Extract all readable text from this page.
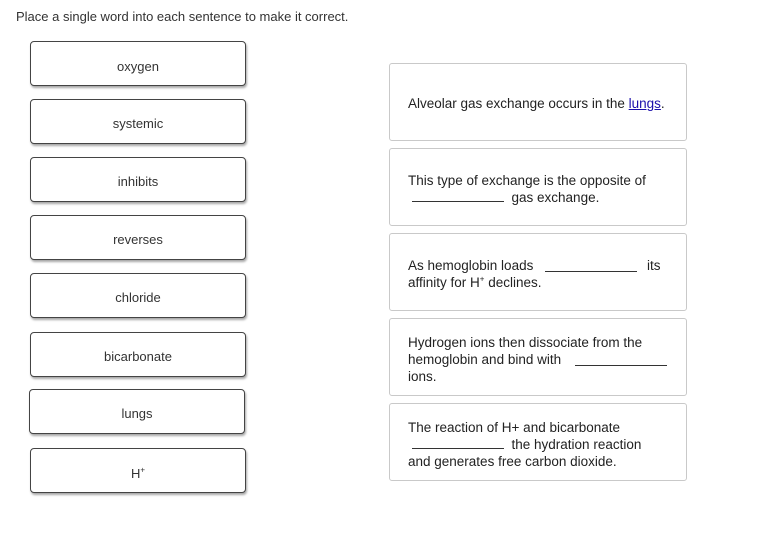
Place a single word into each sentence to make it correct.
oxygen
systemic
inhibits
reverses
chloride
bicarbonate
lungs
H+
Alveolar gas exchange occurs in the lungs.
This type of exchange is the opposite of
gas exchange.
As hemoglobin loads	its
affinity for H+ declines.
Hydrogen ions then dissociate from the
hemoglobin and bind with
ions.
The reaction of H+ and bicarbonate
the hydration reaction
and generates free carbon dioxide.
